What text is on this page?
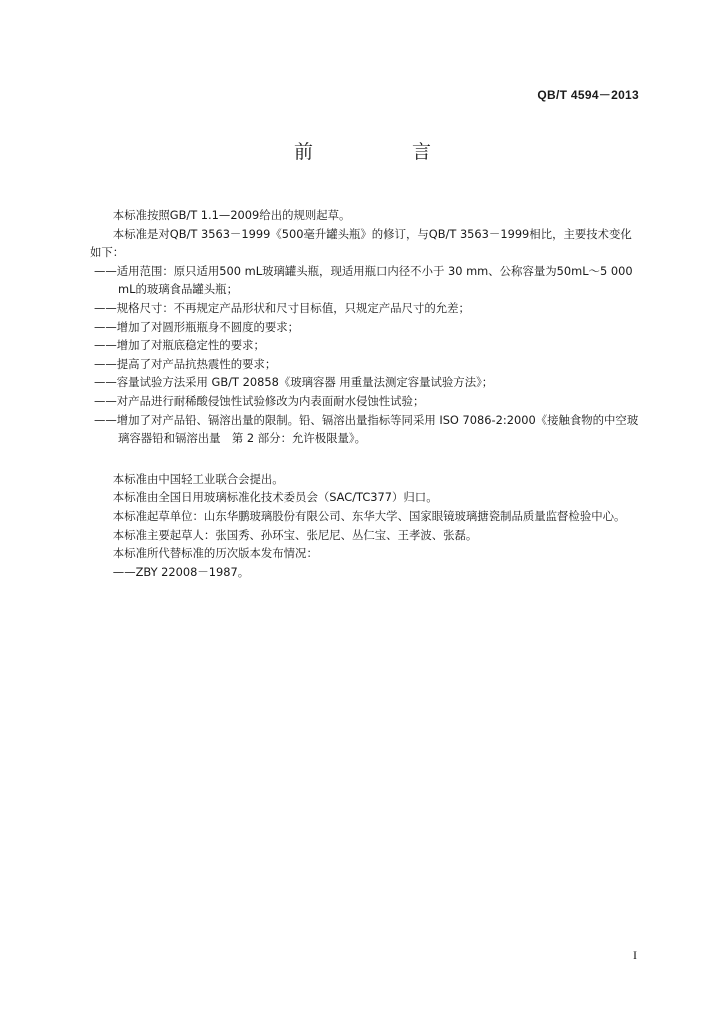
QB/T 4594－2013
前　言

本标准按照GB/T 1.1—2009给出的规则起草。

本标准是对QB/T 3563－1999《500毫升罐头瓶》的修订，与QB/T 3563－1999相比，主要技术变化如下：

——适用范围：原只适用500 mL玻璃罐头瓶，现适用瓶口内径不小于 30 mm、公称容量为50mL～5 000 mL的玻璃食品罐头瓶；

——规格尺寸：不再规定产品形状和尺寸目标值，只规定产品尺寸的允差；

——增加了对圆形瓶瓶身不圆度的要求；

——增加了对瓶底稳定性的要求；

——提高了对产品抗热震性的要求；

——容量试验方法采用 GB/T 20858《玻璃容器 用重量法测定容量试验方法》；

——对产品进行耐稀酸侵蚀性试验修改为内表面耐水侵蚀性试验；

——增加了对产品铅、镉溶出量的限制。铅、镉溶出量指标等同采用 ISO 7086-2:2000《接触食物的中空玻璃容器铅和镉溶出量　第 2 部分：允许极限量》。

本标准由中国轻工业联合会提出。

本标准由全国日用玻璃标准化技术委员会（SAC/TC377）归口。

本标准起草单位：山东华鹏玻璃股份有限公司、东华大学、国家眼镜玻璃搪瓷制品质量监督检验中心。

本标准主要起草人：张国秀、孙环宝、张尼尼、丛仁宝、王孝波、张磊。

本标准所代替标准的历次版本发布情况：

——ZBY 22008－1987。

I
